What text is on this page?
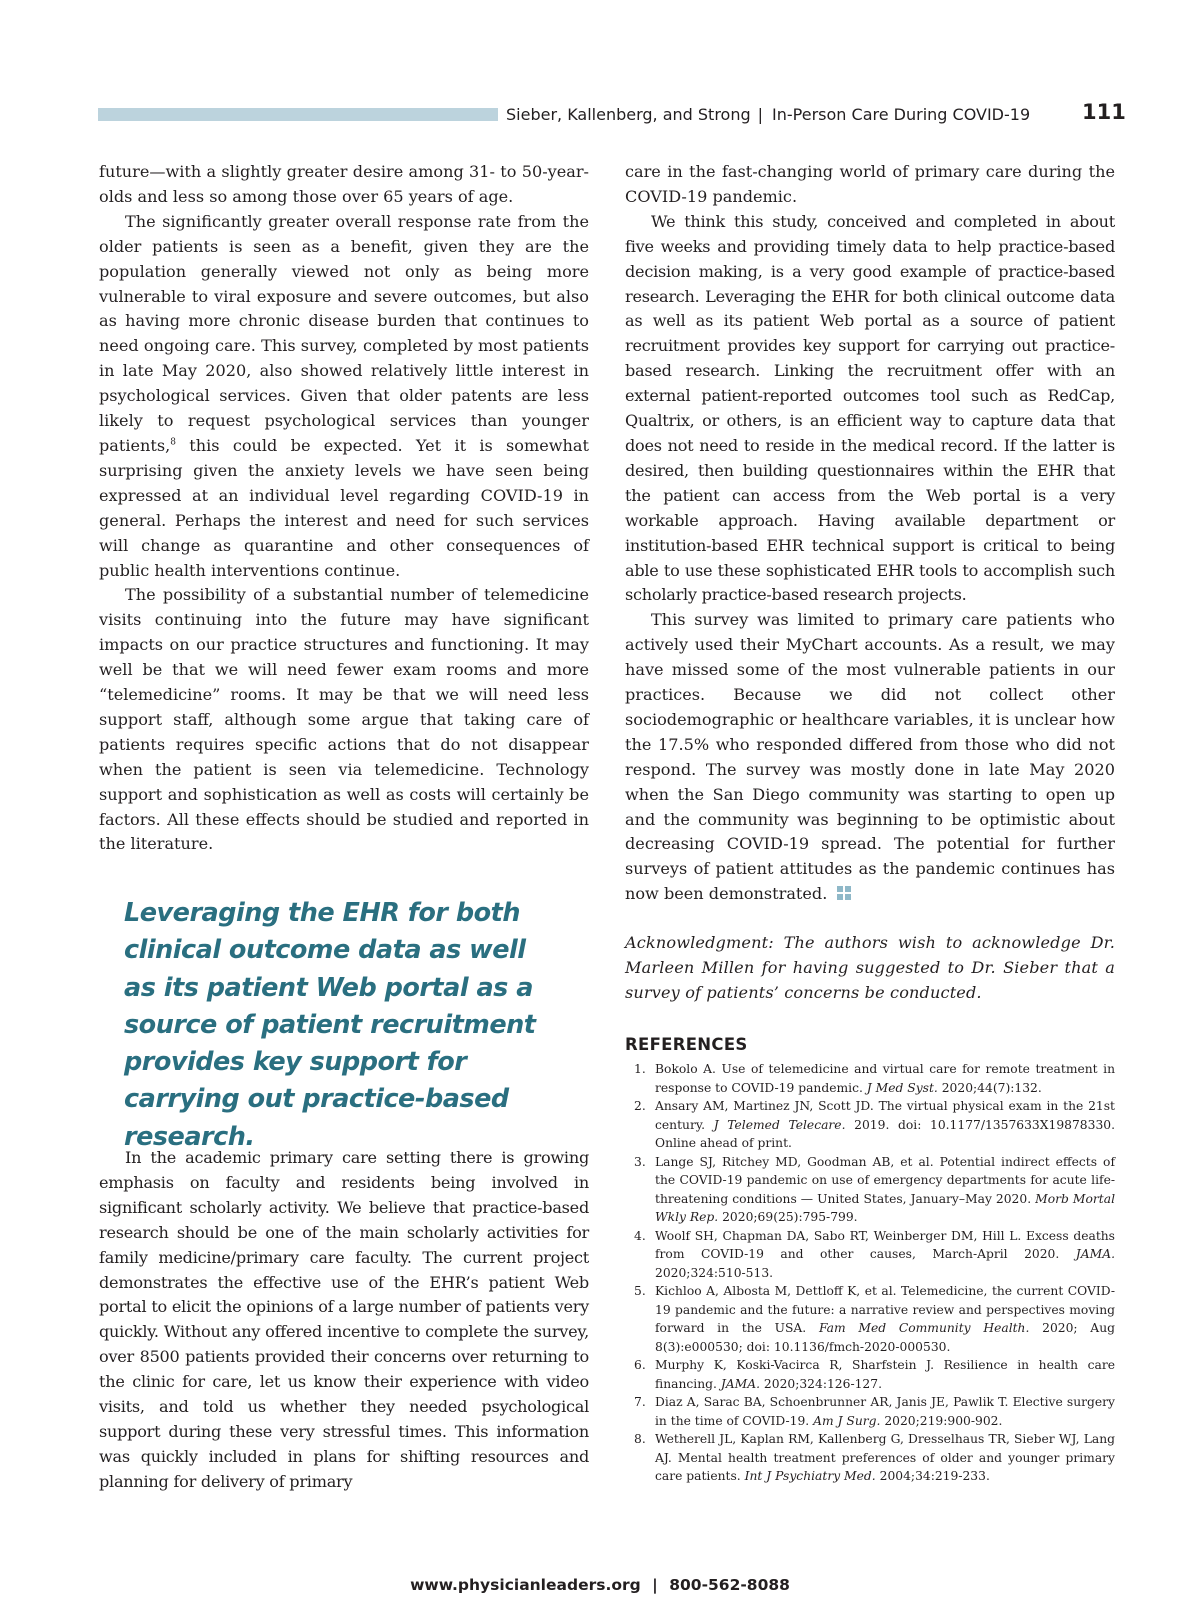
Sieber, Kallenberg, and Strong | In-Person Care During COVID-19	111

future—with a slightly greater desire among 31- to 50-year-olds and less so among those over 65 years of age.

The significantly greater overall response rate from the older patients is seen as a benefit, given they are the population generally viewed not only as being more vulnerable to viral exposure and severe outcomes, but also as having more chronic disease burden that continues to need ongoing care. This survey, completed by most patients in late May 2020, also showed relatively little interest in psychological services. Given that older patents are less likely to request psychological services than younger patients,$^8$ this could be expected. Yet it is somewhat surprising given the anxiety levels we have seen being expressed at an individual level regarding COVID-19 in general. Perhaps the interest and need for such services will change as quarantine and other consequences of public health interventions continue.

The possibility of a substantial number of telemedicine visits continuing into the future may have significant impacts on our practice structures and functioning. It may well be that we will need fewer exam rooms and more “telemedicine” rooms. It may be that we will need less support staff, although some argue that taking care of patients requires specific actions that do not disappear when the patient is seen via telemedicine. Technology support and sophistication as well as costs will certainly be factors. All these effects should be studied and reported in the literature.

Leveraging the EHR for both clinical outcome data as well as its patient Web portal as a source of patient recruitment provides key support for carrying out practice-based research.

In the academic primary care setting there is growing emphasis on faculty and residents being involved in significant scholarly activity. We believe that practice-based research should be one of the main scholarly activities for family medicine/primary care faculty. The current project demonstrates the effective use of the EHR’s patient Web portal to elicit the opinions of a large number of patients very quickly. Without any offered incentive to complete the survey, over 8500 patients provided their concerns over returning to the clinic for care, let us know their experience with video visits, and told us whether they needed psychological support during these very stressful times. This information was quickly included in plans for shifting resources and planning for delivery of primary

care in the fast-changing world of primary care during the COVID-19 pandemic.

We think this study, conceived and completed in about five weeks and providing timely data to help practice-based decision making, is a very good example of practice-based research. Leveraging the EHR for both clinical outcome data as well as its patient Web portal as a source of patient recruitment provides key support for carrying out practice-based research. Linking the recruitment offer with an external patient-reported outcomes tool such as RedCap, Qualtrix, or others, is an efficient way to capture data that does not need to reside in the medical record. If the latter is desired, then building questionnaires within the EHR that the patient can access from the Web portal is a very workable approach. Having available department or institution-based EHR technical support is critical to being able to use these sophisticated EHR tools to accomplish such scholarly practice-based research projects.

This survey was limited to primary care patients who actively used their MyChart accounts. As a result, we may have missed some of the most vulnerable patients in our practices. Because we did not collect other sociodemographic or healthcare variables, it is unclear how the 17.5% who responded differed from those who did not respond. The survey was mostly done in late May 2020 when the San Diego community was starting to open up and the community was beginning to be optimistic about decreasing COVID-19 spread. The potential for further surveys of patient attitudes as the pandemic continues has now been demonstrated.

Acknowledgment: The authors wish to acknowledge Dr. Marleen Millen for having suggested to Dr. Sieber that a survey of patients’ concerns be conducted.
REFERENCES
1. Bokolo A. Use of telemedicine and virtual care for remote treatment in response to COVID-19 pandemic. J Med Syst. 2020;44(7):132.
2. Ansary AM, Martinez JN, Scott JD. The virtual physical exam in the 21st century. J Telemed Telecare. 2019. doi: 10.1177/1357633X19878330. Online ahead of print.
3. Lange SJ, Ritchey MD, Goodman AB, et al. Potential indirect effects of the COVID-19 pandemic on use of emergency departments for acute life-threatening conditions — United States, January–May 2020. Morb Mortal Wkly Rep. 2020;69(25):795-799.
4. Woolf SH, Chapman DA, Sabo RT, Weinberger DM, Hill L. Excess deaths from COVID-19 and other causes, March-April 2020. JAMA. 2020;324:510-513.
5. Kichloo A, Albosta M, Dettloff K, et al. Telemedicine, the current COVID-19 pandemic and the future: a narrative review and perspectives moving forward in the USA. Fam Med Community Health. 2020; Aug 8(3):e000530; doi: 10.1136/fmch-2020-000530.
6. Murphy K, Koski-Vacirca R, Sharfstein J. Resilience in health care financing. JAMA. 2020;324:126-127.
7. Diaz A, Sarac BA, Schoenbrunner AR, Janis JE, Pawlik T. Elective surgery in the time of COVID-19. Am J Surg. 2020;219:900-902.
8. Wetherell JL, Kaplan RM, Kallenberg G, Dresselhaus TR, Sieber WJ, Lang AJ. Mental health treatment preferences of older and younger primary care patients. Int J Psychiatry Med. 2004;34:219-233.
www.physicianleaders.org | 800-562-8088
